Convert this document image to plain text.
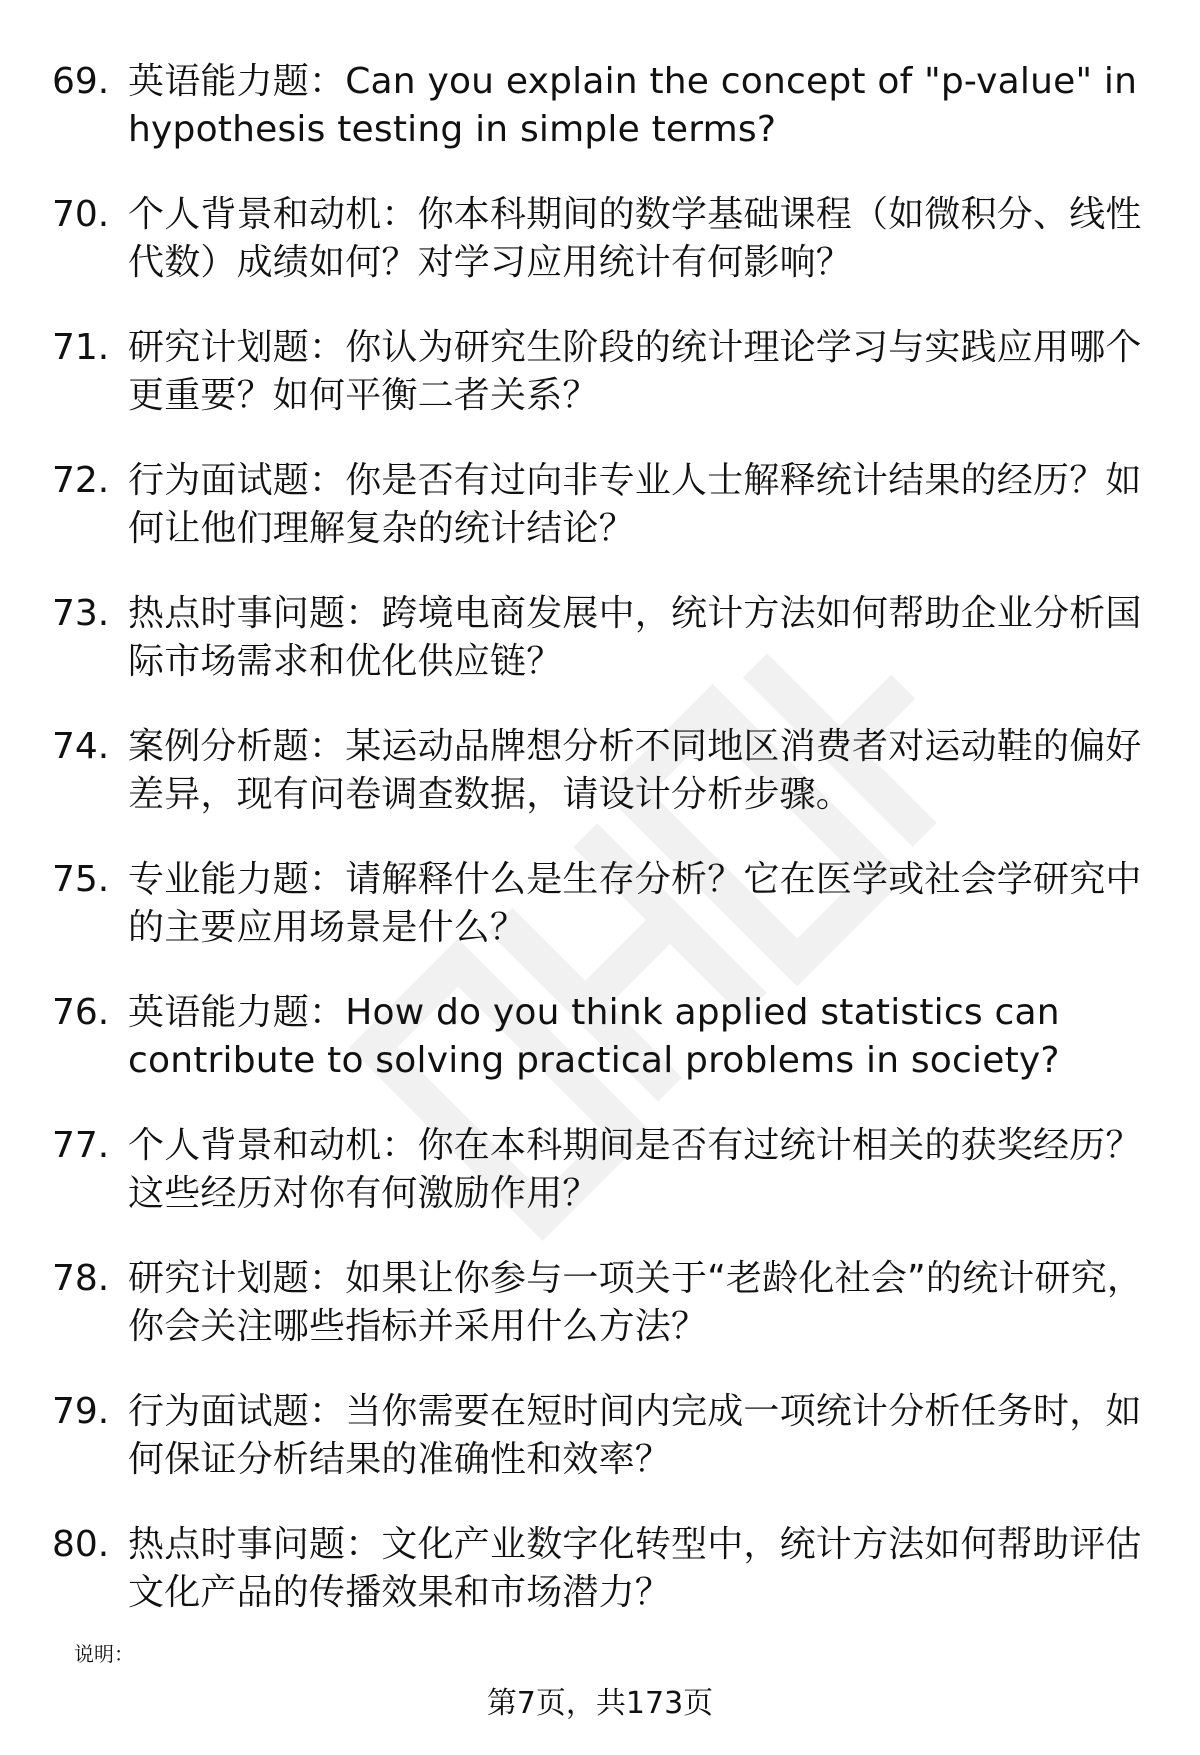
69. 英语能力题：Can you explain the concept of "p-value" in hypothesis testing in simple terms?
70. 个人背景和动机：你本科期间的数学基础课程（如微积分、线性代数）成绩如何？对学习应用统计有何影响？
71. 研究计划题：你认为研究生阶段的统计理论学习与实践应用哪个更重要？如何平衡二者关系？
72. 行为面试题：你是否有过向非专业人士解释统计结果的经历？如何让他们理解复杂的统计结论？
73. 热点时事问题：跨境电商发展中，统计方法如何帮助企业分析国际市场需求和优化供应链？
74. 案例分析题：某运动品牌想分析不同地区消费者对运动鞋的偏好差异，现有问卷调查数据，请设计分析步骤。
75. 专业能力题：请解释什么是生存分析？它在医学或社会学研究中的主要应用场景是什么？
76. 英语能力题：How do you think applied statistics can contribute to solving practical problems in society?
77. 个人背景和动机：你在本科期间是否有过统计相关的获奖经历？这些经历对你有何激励作用？
78. 研究计划题：如果让你参与一项关于“老龄化社会”的统计研究，你会关注哪些指标并采用什么方法？
79. 行为面试题：当你需要在短时间内完成一项统计分析任务时，如何保证分析结果的准确性和效率？
80. 热点时事问题：文化产业数字化转型中，统计方法如何帮助评估文化产品的传播效果和市场潜力？
说明：
第7页，共173页
